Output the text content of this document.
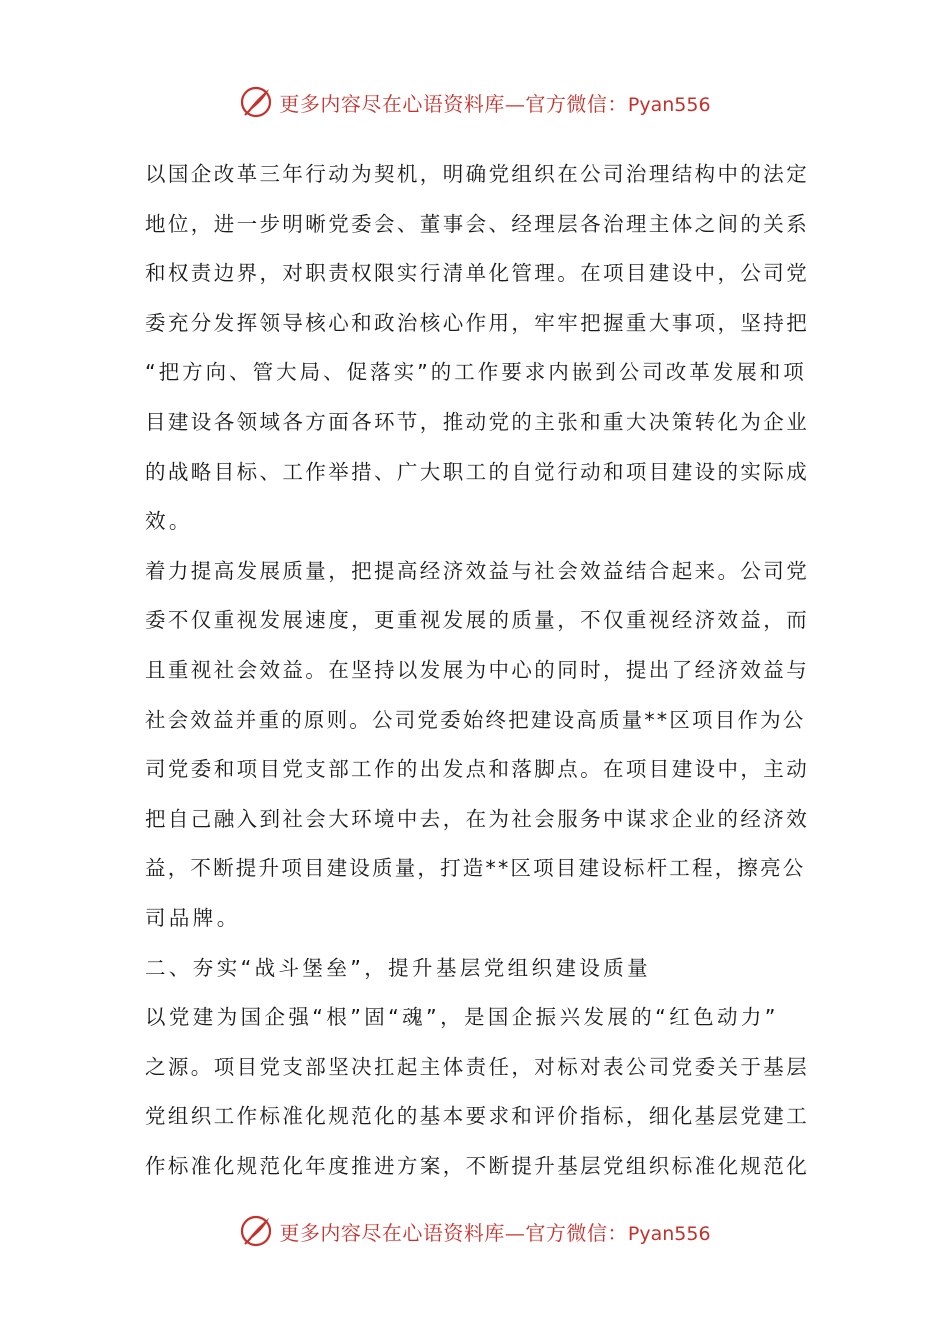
更多内容尽在心语资料库—官方微信：Pyan556
以国企改革三年行动为契机，明确党组织在公司治理结构中的法定
地位，进一步明晰党委会、董事会、经理层各治理主体之间的关系
和权责边界，对职责权限实行清单化管理。在项目建设中，公司党
委充分发挥领导核心和政治核心作用，牢牢把握重大事项，坚持把
“把方向、管大局、促落实”的工作要求内嵌到公司改革发展和项
目建设各领域各方面各环节，推动党的主张和重大决策转化为企业
的战略目标、工作举措、广大职工的自觉行动和项目建设的实际成
效。
着力提高发展质量，把提高经济效益与社会效益结合起来。公司党
委不仅重视发展速度，更重视发展的质量，不仅重视经济效益，而
且重视社会效益。在坚持以发展为中心的同时，提出了经济效益与
社会效益并重的原则。公司党委始终把建设高质量**区项目作为公
司党委和项目党支部工作的出发点和落脚点。在项目建设中，主动
把自己融入到社会大环境中去，在为社会服务中谋求企业的经济效
益，不断提升项目建设质量，打造**区项目建设标杆工程，擦亮公
司品牌。
二、夯实“战斗堡垒”，提升基层党组织建设质量
以党建为国企强“根”固“魂”，是国企振兴发展的“红色动力”
之源。项目党支部坚决扛起主体责任，对标对表公司党委关于基层
党组织工作标准化规范化的基本要求和评价指标，细化基层党建工
作标准化规范化年度推进方案，不断提升基层党组织标准化规范化
更多内容尽在心语资料库—官方微信：Pyan556
